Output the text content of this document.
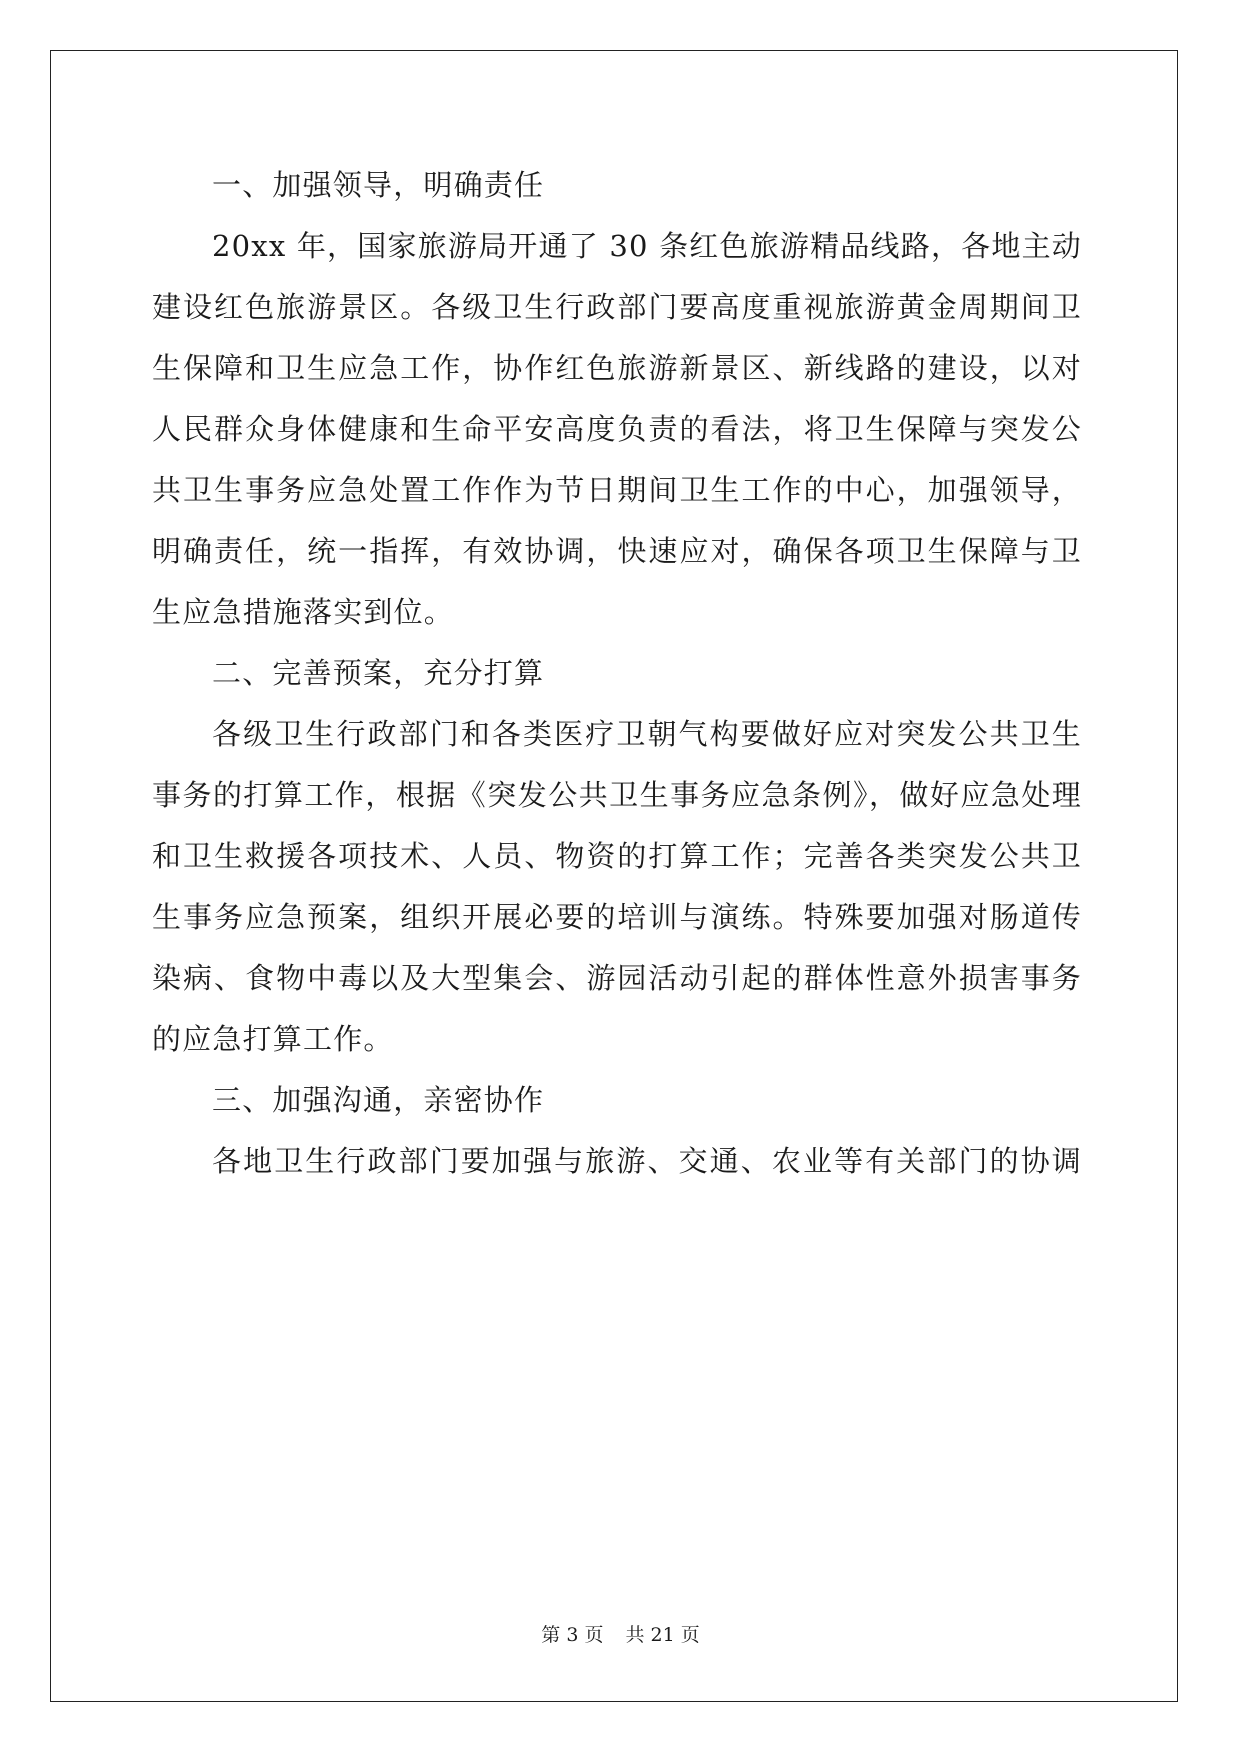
一、加强领导，明确责任
20xx 年，国家旅游局开通了 30 条红色旅游精品线路，各地主动
建设红色旅游景区。各级卫生行政部门要高度重视旅游黄金周期间卫
生保障和卫生应急工作，协作红色旅游新景区、新线路的建设，以对
人民群众身体健康和生命平安高度负责的看法，将卫生保障与突发公
共卫生事务应急处置工作作为节日期间卫生工作的中心，加强领导，
明确责任，统一指挥，有效协调，快速应对，确保各项卫生保障与卫
生应急措施落实到位。
二、完善预案，充分打算
各级卫生行政部门和各类医疗卫朝气构要做好应对突发公共卫生
事务的打算工作，根据《突发公共卫生事务应急条例》，做好应急处理
和卫生救援各项技术、人员、物资的打算工作；完善各类突发公共卫
生事务应急预案，组织开展必要的培训与演练。特殊要加强对肠道传
染病、食物中毒以及大型集会、游园活动引起的群体性意外损害事务
的应急打算工作。
三、加强沟通，亲密协作
各地卫生行政部门要加强与旅游、交通、农业等有关部门的协调
第 3 页 共 21 页
